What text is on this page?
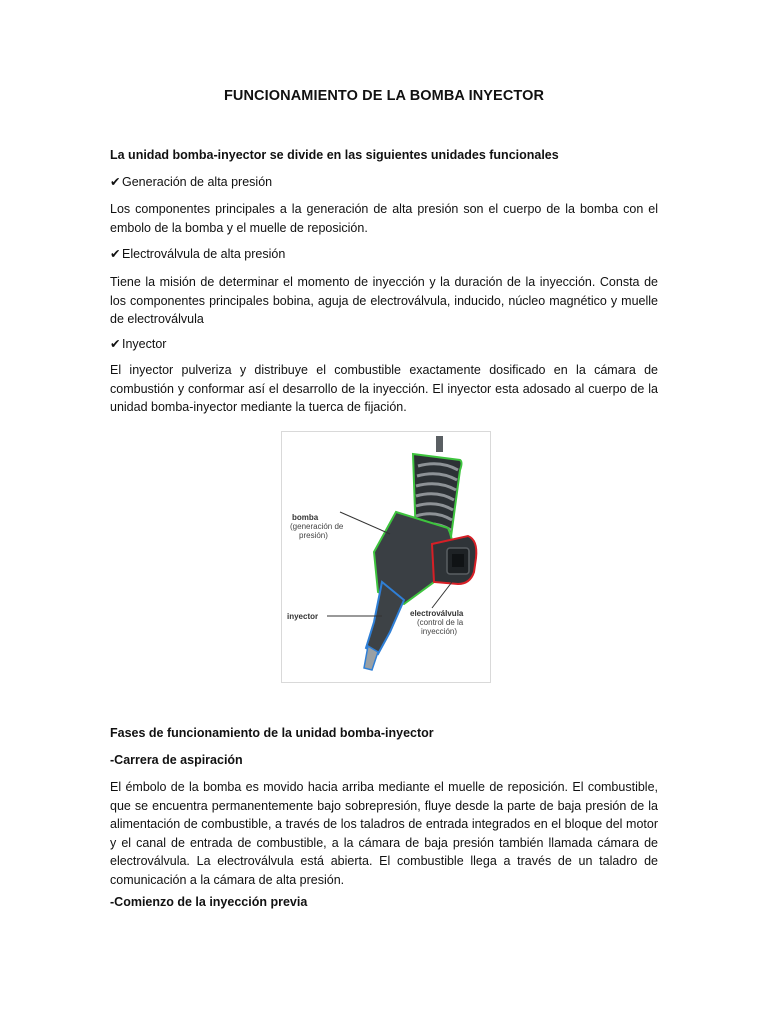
FUNCIONAMIENTO DE LA BOMBA INYECTOR

La unidad bomba-inyector se divide en las siguientes unidades funcionales

✔ Generación de alta presión

Los componentes principales a la generación de alta presión son el cuerpo de la bomba con el embolo de la bomba y el muelle de reposición.

✔ Electroválvula de alta presión

Tiene la misión de determinar el momento de inyección y la duración de la inyección. Consta de los componentes principales bobina, aguja de electroválvula, inducido, núcleo magnético y muelle de electroválvula

✔ Inyector

El inyector pulveriza y distribuye el combustible exactamente dosificado en la cámara de combustión y conformar así el desarrollo de la inyección. El inyector esta adosado al cuerpo de la unidad bomba-inyector mediante la tuerca de fijación.

bomba
(generación de
presión)
inyector	electroválvula
(control de la
inyección)

Fases de funcionamiento de la unidad bomba-inyector

-Carrera de aspiración

El émbolo de la bomba es movido hacia arriba mediante el muelle de reposición. El combustible, que se encuentra permanentemente bajo sobrepresión, fluye desde la parte de baja presión de la alimentación de combustible, a través de los taladros de entrada integrados en el bloque del motor y el canal de entrada de combustible, a la cámara de baja presión también llamada cámara de electroválvula. La electroválvula está abierta. El combustible llega a través de un taladro de comunicación a la cámara de alta presión.

-Comienzo de la inyección previa
